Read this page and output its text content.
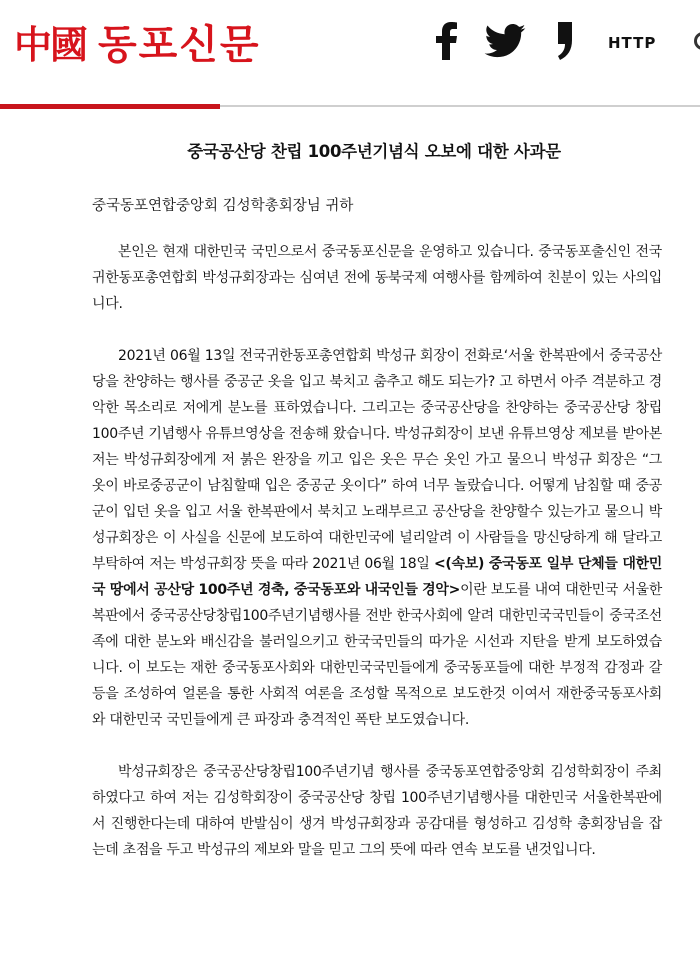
中國 동포신문	HTTP
중국공산당 찬립 100주년기념식 오보에 대한 사과문
중국동포연합중앙회 김성학총회장님 귀하

본인은 현재 대한민국 국민으로서 중국동포신문을 운영하고 있습니다. 중국동포출신인 전국귀한동포총연합회 박성규회장과는 심여년 전에 동북국제 여행사를 함께하여 친분이 있는 사의입니다.

2021년 06월 13일 전국귀한동포총연합회 박성규 회장이 전화로‘서울 한복판에서 중국공산당을 찬양하는 행사를 중공군 옷을 입고 북치고 춤추고 해도 되는가? 고 하면서 아주 격분하고 경악한 목소리로 저에게 분노를 표하였습니다. 그리고는 중국공산당을 찬양하는 중국공산당 창립100주년 기념행사 유튜브영상을 전송해 왔습니다. 박성규회장이 보낸 유튜브영상 제보를 받아본 저는 박성규회장에게 저 붉은 완장을 끼고 입은 옷은 무슨 옷인 가고 물으니 박성규 회장은 “그 옷이 바로중공군이 남침할때 입은 중공군 옷이다” 하여 너무 놀랐습니다. 어떻게 남침할 때 중공군이 입던 옷을 입고 서울 한복판에서 북치고 노래부르고 공산당을 찬양할수 있는가고 물으니 박성규회장은 이 사실을 신문에 보도하여 대한민국에 널리알려 이 사람들을 망신당하게 해 달라고 부탁하여 저는 박성규회장 뜻을 따라 2021년 06월 18일 <(속보) 중국동포 일부 단체들 대한민국 땅에서 공산당 100주년 경축, 중국동포와 내국인들 경악>이란 보도를 내여 대한민국 서울한복판에서 중국공산당창립100주년기념행사를 전반 한국사회에 알려 대한민국국민들이 중국조선족에 대한 분노와 배신감을 불러일으키고 한국국민들의 따가운 시선과 지탄을 받게 보도하였습니다. 이 보도는 재한 중국동포사회와 대한민국국민들에게 중국동포들에 대한 부정적 감정과 갈등을 조성하여 얼론을 통한 사회적 여론을 조성할 목적으로 보도한것 이여서 재한중국동포사회와 대한민국 국민들에게 큰 파장과 충격적인 폭탄 보도였습니다.

박성규회장은 중국공산당창립100주년기념 행사를 중국동포연합중앙회 김성학회장이 주최하였다고 하여 저는 김성학회장이 중국공산당 창립 100주년기념행사를 대한민국 서울한복판에서 진행한다는데 대하여 반발심이 생겨 박성규회장과 공감대를 형성하고 김성학 총회장님을 잡는데 초점을 두고 박성규의 제보와 말을 믿고 그의 뜻에 따라 연속 보도를 낸것입니다.
